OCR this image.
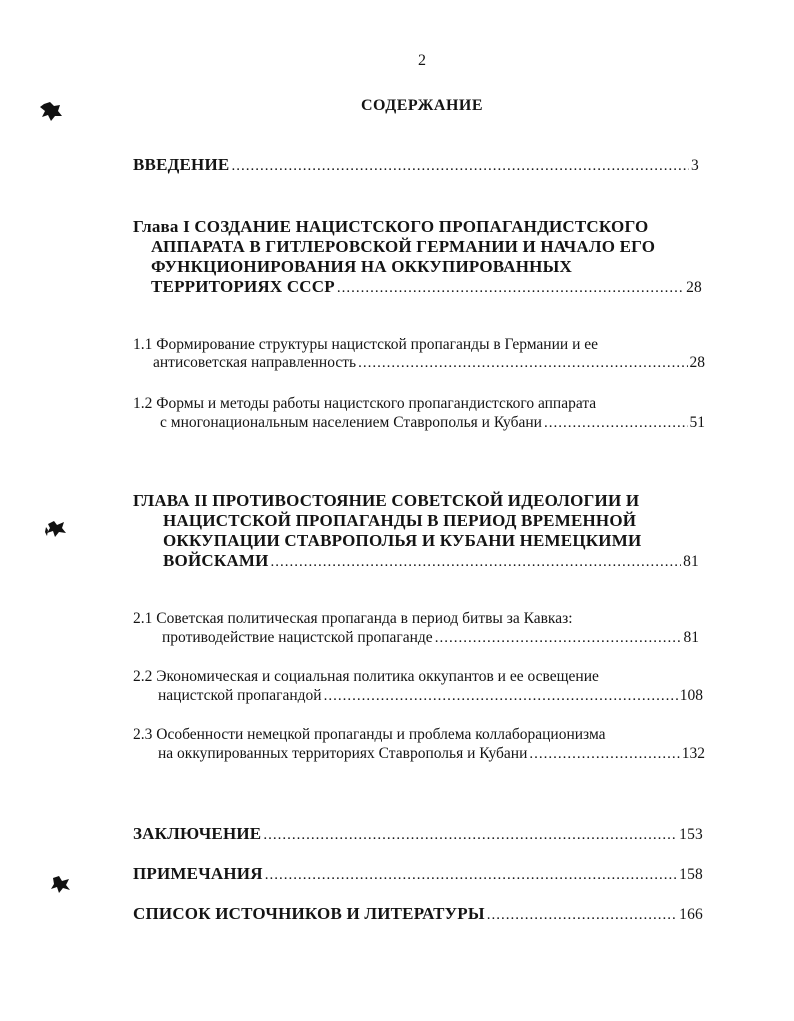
2
СОДЕРЖАНИЕ
ВВЕДЕНИЕ .....	3
Глава I СОЗДАНИЕ НАЦИСТСКОГО ПРОПАГАНДИСТСКОГО
АППАРАТА В ГИТЛЕРОВСКОЙ ГЕРМАНИИ И НАЧАЛО ЕГО
ФУНКЦИОНИРОВАНИЯ НА ОККУПИРОВАННЫХ
ТЕРРИТОРИЯХ СССР .....	28
1.1 Формирование структуры нацистской пропаганды в Германии и ее
антисоветская направленность .....	28
1.2 Формы и методы работы нацистского пропагандистского аппарата
с многонациональным населением Ставрополья и Кубани .....	51
ГЛАВА II ПРОТИВОСТОЯНИЕ СОВЕТСКОЙ ИДЕОЛОГИИ И
НАЦИСТСКОЙ ПРОПАГАНДЫ В ПЕРИОД ВРЕМЕННОЙ
ОККУПАЦИИ СТАВРОПОЛЬЯ И КУБАНИ НЕМЕЦКИМИ
ВОЙСКАМИ .....	81
2.1 Советская политическая пропаганда в период битвы за Кавказ:
противодействие нацистской пропаганде .....	81
2.2 Экономическая и социальная политика оккупантов и ее освещение
нацистской пропагандой .....	108
2.3 Особенности немецкой пропаганды и проблема коллаборационизма
на оккупированных территориях Ставрополья и Кубани .....	132
ЗАКЛЮЧЕНИЕ .....	153
ПРИМЕЧАНИЯ .....	158
СПИСОК ИСТОЧНИКОВ И ЛИТЕРАТУРЫ .....	166
